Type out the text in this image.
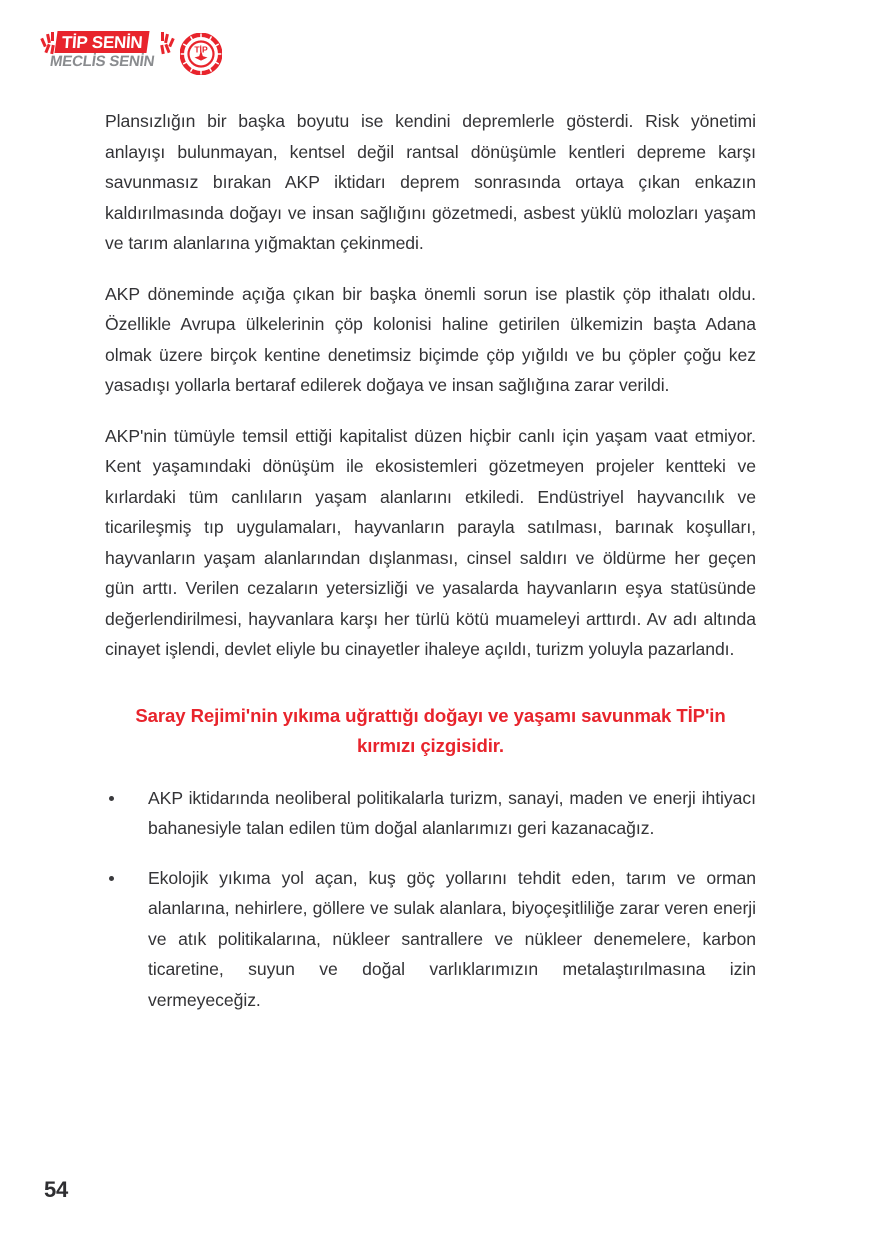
TİP SENİN
MECLİS SENİN
TİP

Plansızlığın bir başka boyutu ise kendini depremlerle gösterdi. Risk yönetimi anlayışı bulunmayan, kentsel değil rantsal dönüşümle kentleri depreme karşı savunmasız bırakan AKP iktidarı deprem sonrasında ortaya çıkan enkazın kaldırılmasında doğayı ve insan sağlığını gözetmedi, asbest yüklü molozları yaşam ve tarım alanlarına yığmaktan çekinmedi.

AKP döneminde açığa çıkan bir başka önemli sorun ise plastik çöp ithalatı oldu. Özellikle Avrupa ülkelerinin çöp kolonisi haline getirilen ülkemizin başta Adana olmak üzere birçok kentine denetimsiz biçimde çöp yığıldı ve bu çöpler çoğu kez yasadışı yollarla bertaraf edilerek doğaya ve insan sağlığına zarar verildi.

AKP'nin tümüyle temsil ettiği kapitalist düzen hiçbir canlı için yaşam vaat etmiyor. Kent yaşamındaki dönüşüm ile ekosistemleri gözetmeyen projeler kentteki ve kırlardaki tüm canlıların yaşam alanlarını etkiledi. Endüstriyel hayvancılık ve ticarileşmiş tıp uygulamaları, hayvanların parayla satılması, barınak koşulları, hayvanların yaşam alanlarından dışlanması, cinsel saldırı ve öldürme her geçen gün arttı. Verilen cezaların yetersizliği ve yasalarda hayvanların eşya statüsünde değerlendirilmesi, hayvanlara karşı her türlü kötü muameleyi arttırdı. Av adı altında cinayet işlendi, devlet eliyle bu cinayetler ihaleye açıldı, turizm yoluyla pazarlandı.

Saray Rejimi'nin yıkıma uğrattığı doğayı ve yaşamı savunmak TİP'in kırmızı çizgisidir.
AKP iktidarında neoliberal politikalarla turizm, sanayi, maden ve enerji ihtiyacı bahanesiyle talan edilen tüm doğal alanlarımızı geri kazanacağız.
Ekolojik yıkıma yol açan, kuş göç yollarını tehdit eden, tarım ve orman alanlarına, nehirlere, göllere ve sulak alanlara, biyoçeşitliliğe zarar veren enerji ve atık politikalarına, nükleer santrallere ve nükleer denemelere, karbon ticaretine, suyun ve doğal varlıklarımızın metalaştırılmasına izin vermeyeceğiz.
54
